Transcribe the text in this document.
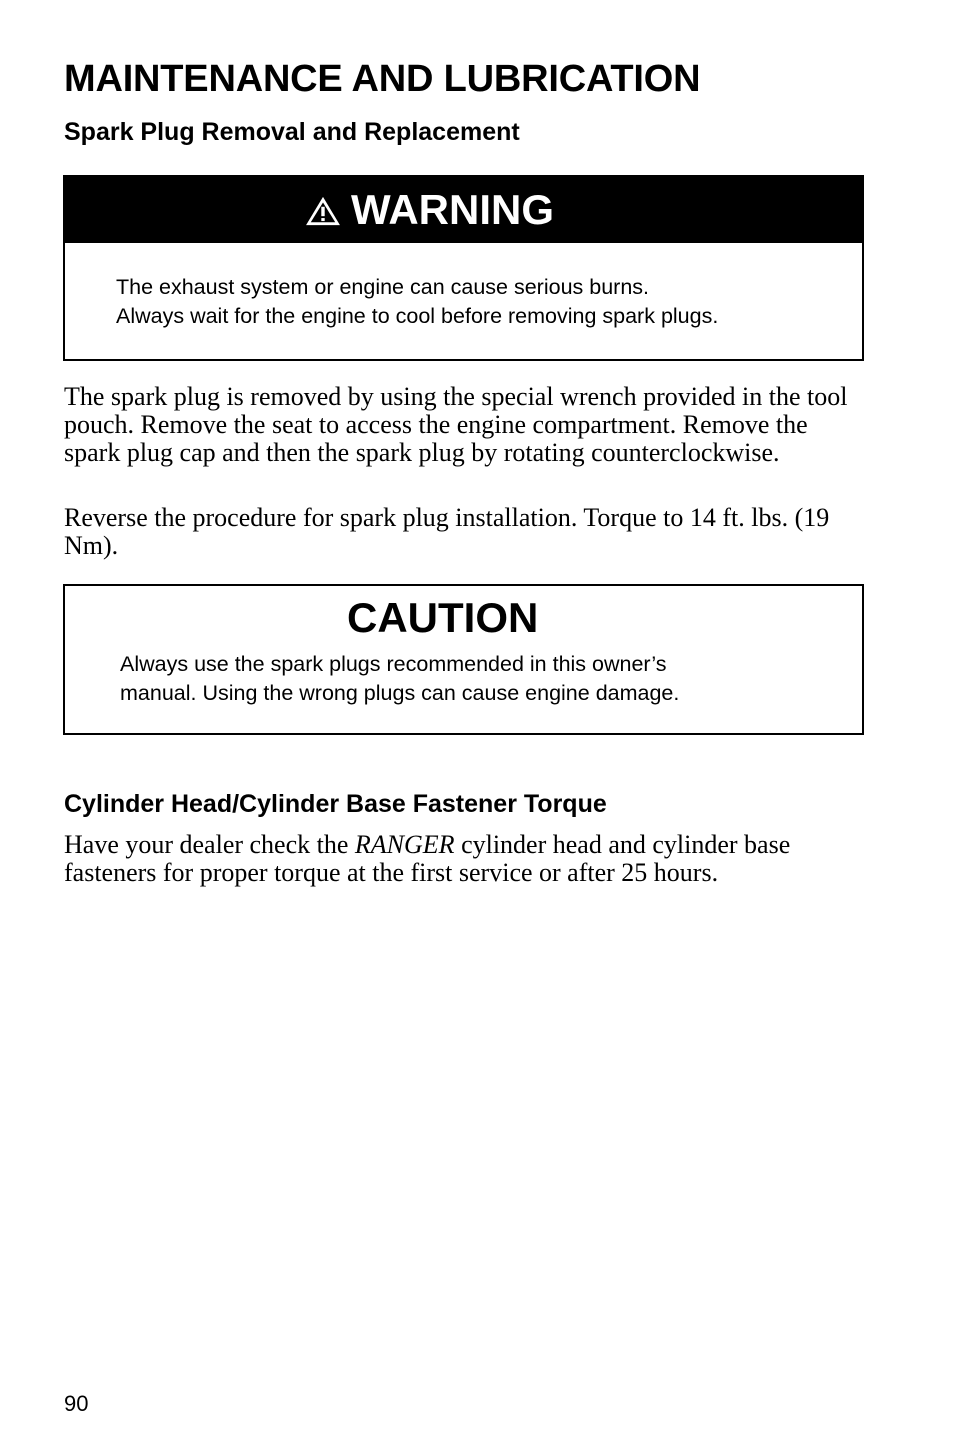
MAINTENANCE AND LUBRICATION
Spark Plug Removal and Replacement
WARNING

The exhaust system or engine can cause serious burns.

Always wait for the engine to cool before removing spark plugs.

The spark plug is removed by using the special wrench provided in the tool pouch. Remove the seat to access the engine compartment. Remove the spark plug cap and then the spark plug by rotating counterclockwise.

Reverse the procedure for spark plug installation. Torque to 14 ft. lbs. (19 Nm).

CAUTION

Always use the spark plugs recommended in this owner’s

manual. Using the wrong plugs can cause engine damage.

Cylinder Head/Cylinder Base Fastener Torque

Have your dealer check the RANGER cylinder head and cylinder base fasteners for proper torque at the first service or after 25 hours.

90
